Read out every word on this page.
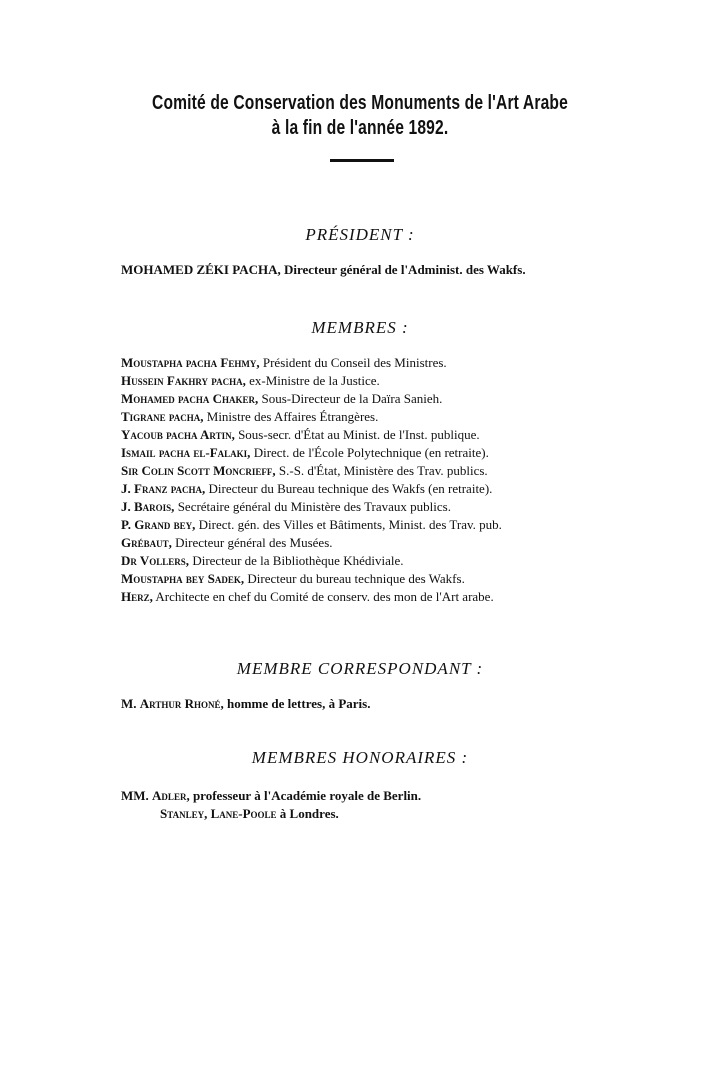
Comité de Conservation des Monuments de l'Art Arabe
à la fin de l'année 1892.
PRÉSIDENT :
MOHAMED ZÉKI PACHA, Directeur général de l'Administ. des Wakfs.
MEMBRES :
Moustapha pacha Fehmy, Président du Conseil des Ministres.
Hussein Fakhry pacha, ex-Ministre de la Justice.
Mohamed pacha Chaker, Sous-Directeur de la Daïra Sanieh.
Tigrane pacha, Ministre des Affaires Étrangères.
Yacoub pacha Artin, Sous-secr. d'État au Minist. de l'Inst. publique.
Ismail pacha el-Falaki, Direct. de l'École Polytechnique (en retraite).
Sir Colin Scott Moncrieff, S.-S. d'État, Ministère des Trav. publics.
J. Franz pacha, Directeur du Bureau technique des Wakfs (en retraite).
J. Barois, Secrétaire général du Ministère des Travaux publics.
P. Grand bey, Direct. gén. des Villes et Bâtiments, Minist. des Trav. pub.
Grébaut, Directeur général des Musées.
Dr Vollers, Directeur de la Bibliothèque Khédiviale.
Moustapha bey Sadek, Directeur du bureau technique des Wakfs.
Herz, Architecte en chef du Comité de conserv. des mon de l'Art arabe.
MEMBRE CORRESPONDANT :
M. Arthur Rhoné, homme de lettres, à Paris.
MEMBRES HONORAIRES :
MM. Adler, professeur à l'Académie royale de Berlin.
Stanley, Lane-Poole à Londres.
